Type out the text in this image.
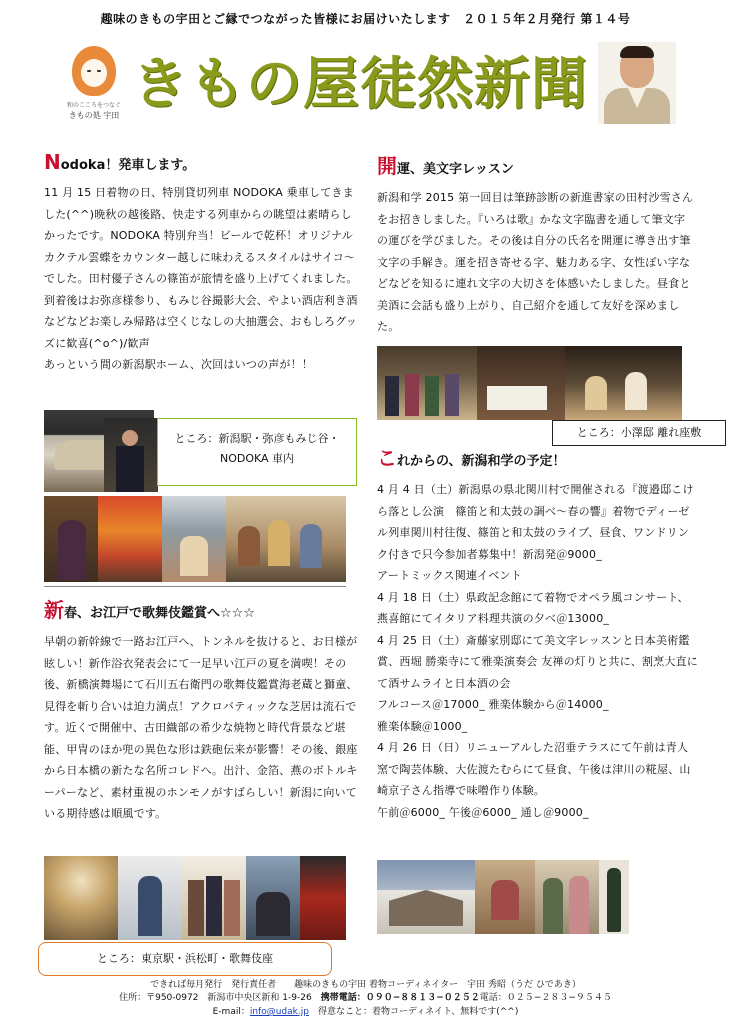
趣味のきもの宇田とご縁でつながった皆様にお届けいたします　２０１５年２月発行 第１４号
和のこころをつなぐ
きもの処 宇田 きもの屋徒然新聞
Nodoka！発車します。

11 月 15 日着物の日、特別貸切列車 NODOKA 乗車してきました(^^)晩秋の越後路、快走する列車からの眺望は素晴らしかったです。NODOKA 特別弁当！ビールで乾杯！オリジナルカクテル雲蝶をカウンター越しに味わえるスタイルはサイコ～でした。田村優子さんの篠笛が旅情を盛り上げてくれました。到着後はお弥彦様参り、もみじ谷撮影大会、やよい酒店利き酒などなどお楽しみ帰路は空くじなしの大抽選会、おもしろグッズに歓喜(^o^)/歓声

あっという間の新潟駅ホーム、次回はいつの声が！！

ところ：新潟駅・弥彦もみじ谷・NODOKA 車内
新春、お江戸で歌舞伎鑑賞へ☆☆☆

早朝の新幹線で一路お江戸へ、トンネルを抜けると、お日様が眩しい！新作浴衣発表会にて一足早い江戸の夏を満喫！その後、新橋演舞場にて石川五右衛門の歌舞伎鑑賞海老蔵と獅童、見得を斬り合いは迫力満点！アクロバティックな芝居は流石です。近くで開催中、古田織部の希少な焼物と時代背景など堪能、甲冑のほか兜の異色な形は鉄砲伝来が影響！その後、銀座から日本橋の新たな名所コレドへ。出汁、金箔、燕のボトルキーパーなど、素材重視のホンモノがすばらしい！新潟に向いている期待感は順風です。

ところ：東京駅・浜松町・歌舞伎座
開運、美文字レッスン

新潟和学 2015 第一回目は筆跡診断の新進書家の田村沙雪さんをお招きしました。『いろは歌』かな文字臨書を通して筆文字の運びを学びました。その後は自分の氏名を開運に導き出す筆文字の手解き。運を招き寄せる字、魅力ある字、女性ぽい字などなどを知るに連れ文字の大切さを体感いたしました。昼食と美酒に会話も盛り上がり、自己紹介を通して友好を深めました。

ところ：小澤邸 離れ座敷
これからの、新潟和学の予定！

4 月 4 日（土）新潟県の県北関川村で開催される『渡邉邸こけら落とし公演　篠笛と和太鼓の調べ～春の響』着物でディーゼル列車関川村往復、篠笛と和太鼓のライブ、昼食、ワンドリンク付きで只今参加者募集中！新潟発＠9000_

アートミックス関連イベント

4 月 18 日（土）県政記念館にて着物でオペラ風コンサート、燕喜館にてイタリア料理共演の夕べ＠13000_

4 月 25 日（土）斎藤家別邸にて美文字レッスンと日本美術鑑賞、西堀 勝楽寺にて雅楽演奏会 友禅の灯りと共に、割烹大直にて酒サムライと日本酒の会

フルコース＠17000_ 雅楽体験から＠14000_

雅楽体験＠1000_

4 月 26 日（日）リニューアルした沼垂テラスにて午前は青人窯で陶芸体験、大佐渡たむらにて昼食、午後は津川の糀屋、山崎京子さん指導で味噌作り体験。

午前＠6000_ 午後＠6000_ 通し＠9000_

できれば毎月発行　発行責任者　　趣味のきもの宇田 着物コーディネイター　宇田 秀昭（うだ ひであき）
住所：〒950-0972　新潟市中央区新和 1-9-26　携帯電話：０９０−８８１３−０２５２電話：０２５−２８３−９５４５
E-mail：info@udak.jp　得意なこと：着物コーディネイト、無料です(^^)
